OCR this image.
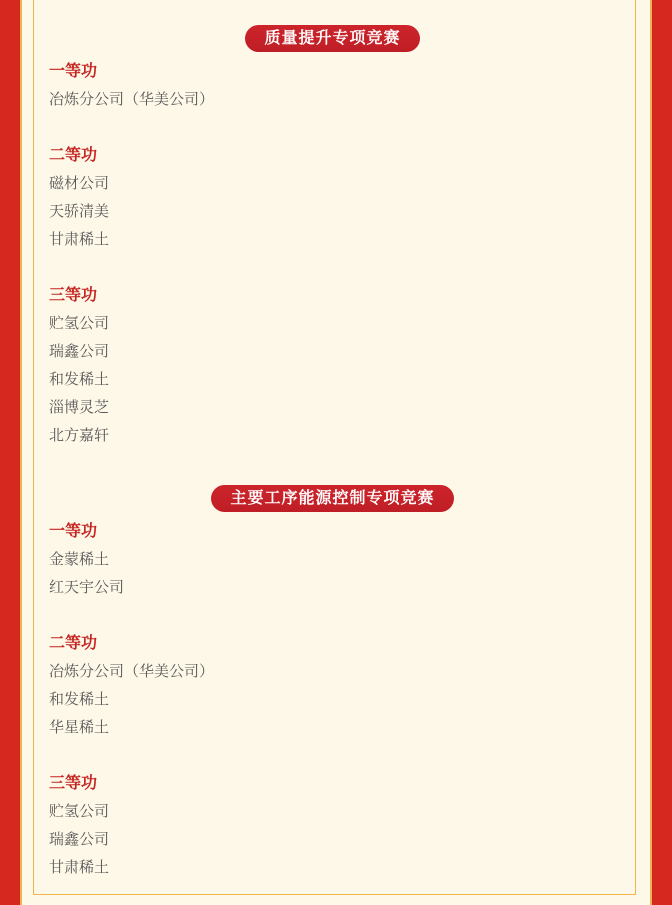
质量提升专项竞赛
一等功

冶炼分公司（华美公司）

二等功

磁材公司

天骄清美

甘肃稀土

三等功

贮氢公司

瑞鑫公司

和发稀土

淄博灵芝

北方嘉轩

主要工序能源控制专项竞赛
一等功

金蒙稀土

红天宇公司

二等功

冶炼分公司（华美公司）

和发稀土

华星稀土

三等功

贮氢公司

瑞鑫公司

甘肃稀土
